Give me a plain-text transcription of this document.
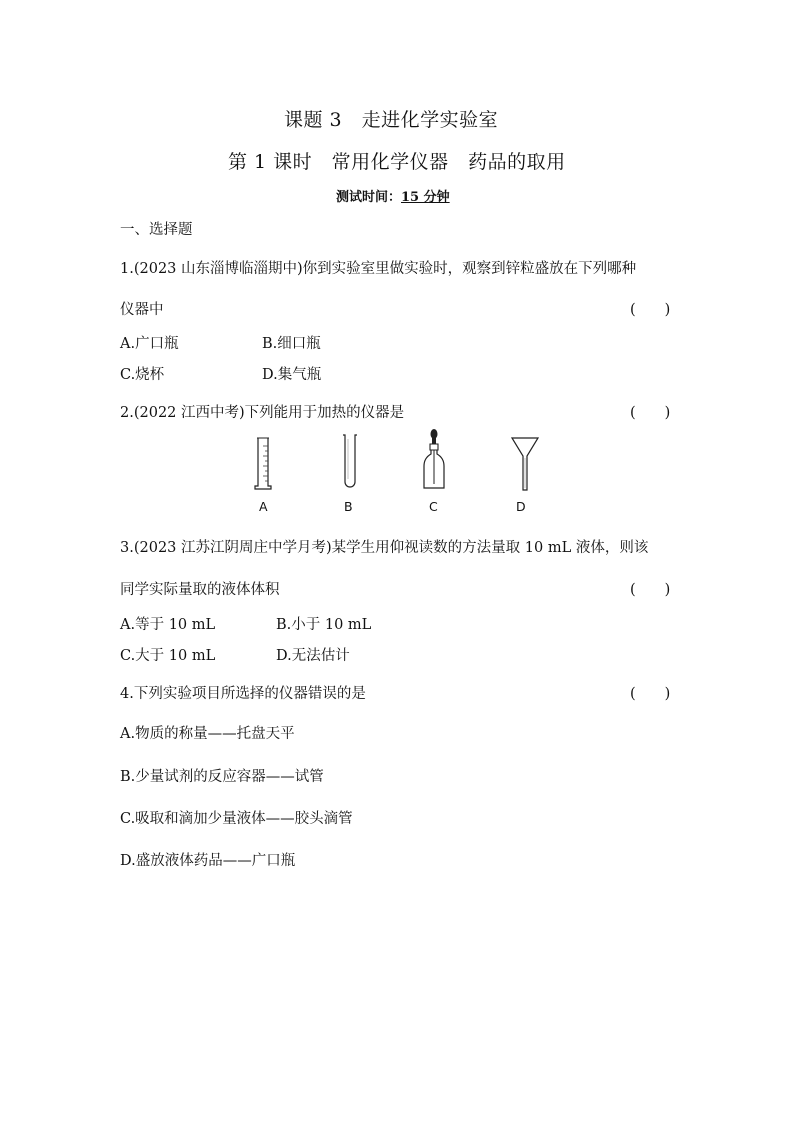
课题 3　走进化学实验室
第 1 课时　常用化学仪器　药品的取用
测试时间：15 分钟
一、选择题
1.(2023 山东淄博临淄期中)你到实验室里做实验时，观察到锌粒盛放在下列哪种
仪器中	(　　)
A.广口瓶	B.细口瓶
C.烧杯	D.集气瓶
2.(2022 江西中考)下列能用于加热的仪器是	(　　)
A	B	C	D
3.(2023 江苏江阴周庄中学月考)某学生用仰视读数的方法量取 10 mL 液体，则该
同学实际量取的液体体积	(　　)
A.等于 10 mL	B.小于 10 mL
C.大于 10 mL	D.无法估计
4.下列实验项目所选择的仪器错误的是	(　　)
A.物质的称量——托盘天平
B.少量试剂的反应容器——试管
C.吸取和滴加少量液体——胶头滴管
D.盛放液体药品——广口瓶
